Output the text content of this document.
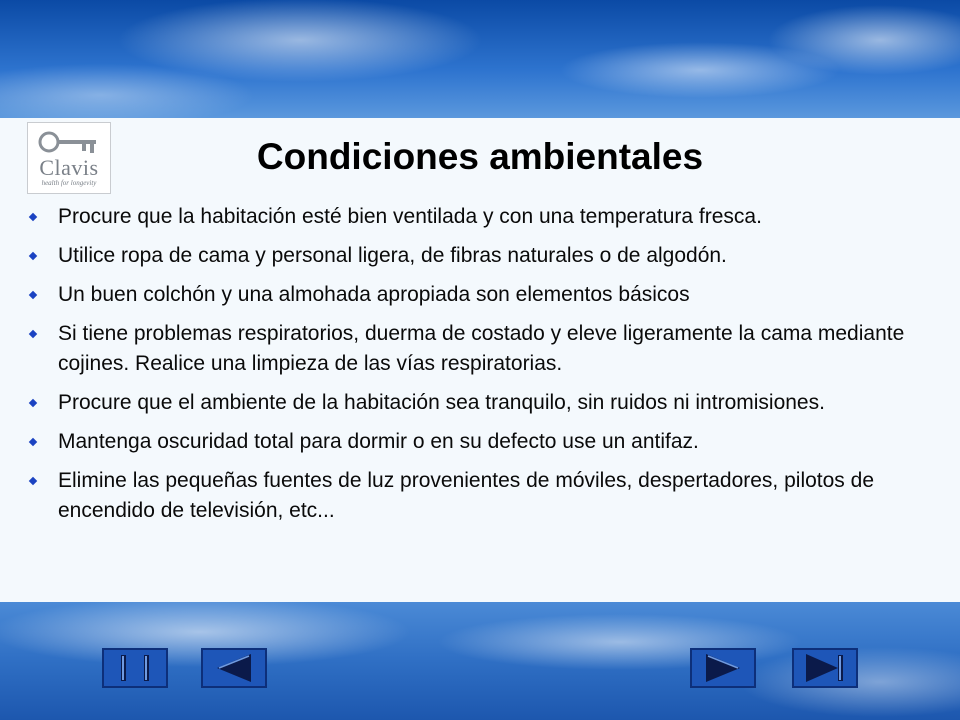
Clavis
health for longevity
Condiciones ambientales
Procure que la habitación esté bien ventilada y con una temperatura fresca.
Utilice ropa de cama y personal ligera, de fibras naturales o de algodón.
Un buen colchón y una almohada apropiada son elementos básicos
Si tiene problemas respiratorios, duerma de costado y eleve ligeramente la cama mediante cojines. Realice una limpieza de las vías respiratorias.
Procure que el ambiente de la habitación sea tranquilo, sin ruidos ni intromisiones.
Mantenga oscuridad total para dormir o en su defecto use un antifaz.
Elimine las pequeñas fuentes de luz provenientes de móviles, despertadores, pilotos de encendido de televisión, etc...
